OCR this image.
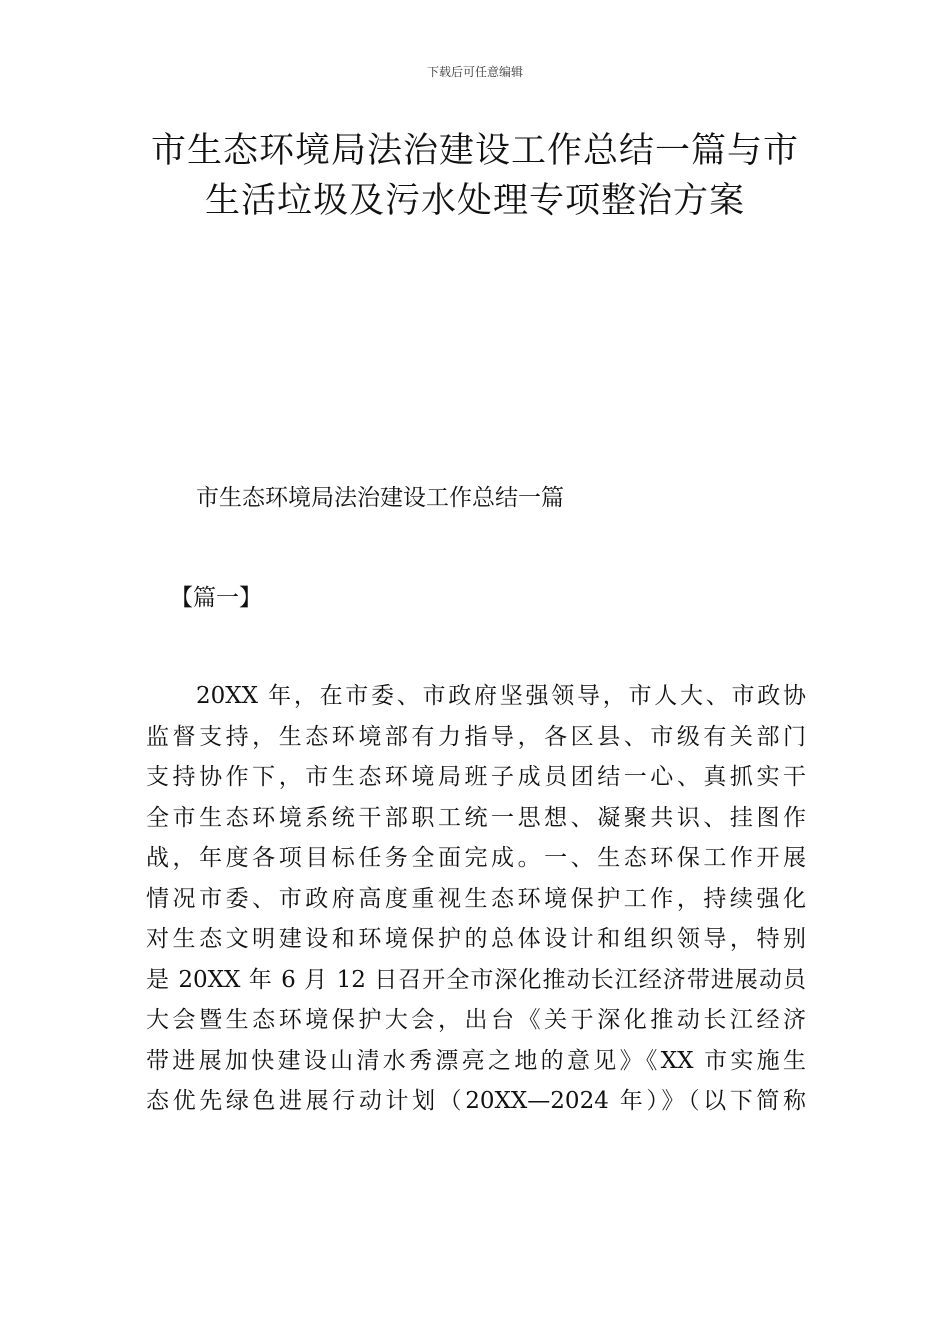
下载后可任意编辑
市生态环境局法治建设工作总结一篇与市
生活垃圾及污水处理专项整治方案
市生态环境局法治建设工作总结一篇
【篇一】
20XX 年，在市委、市政府坚强领导，市人大、市政协
监督支持，生态环境部有力指导，各区县、市级有关部门
支持协作下，市生态环境局班子成员团结一心、真抓实干
全市生态环境系统干部职工统一思想、凝聚共识、挂图作
战，年度各项目标任务全面完成。一、生态环保工作开展
情况市委、市政府高度重视生态环境保护工作，持续强化
对生态文明建设和环境保护的总体设计和组织领导，特别
是 20XX 年 6 月 12 日召开全市深化推动长江经济带进展动员
大会暨生态环境保护大会，出台《关于深化推动长江经济
带进展加快建设山清水秀漂亮之地的意见》《XX 市实施生
态优先绿色进展行动计划（20XX—2024 年）》（以下简称
